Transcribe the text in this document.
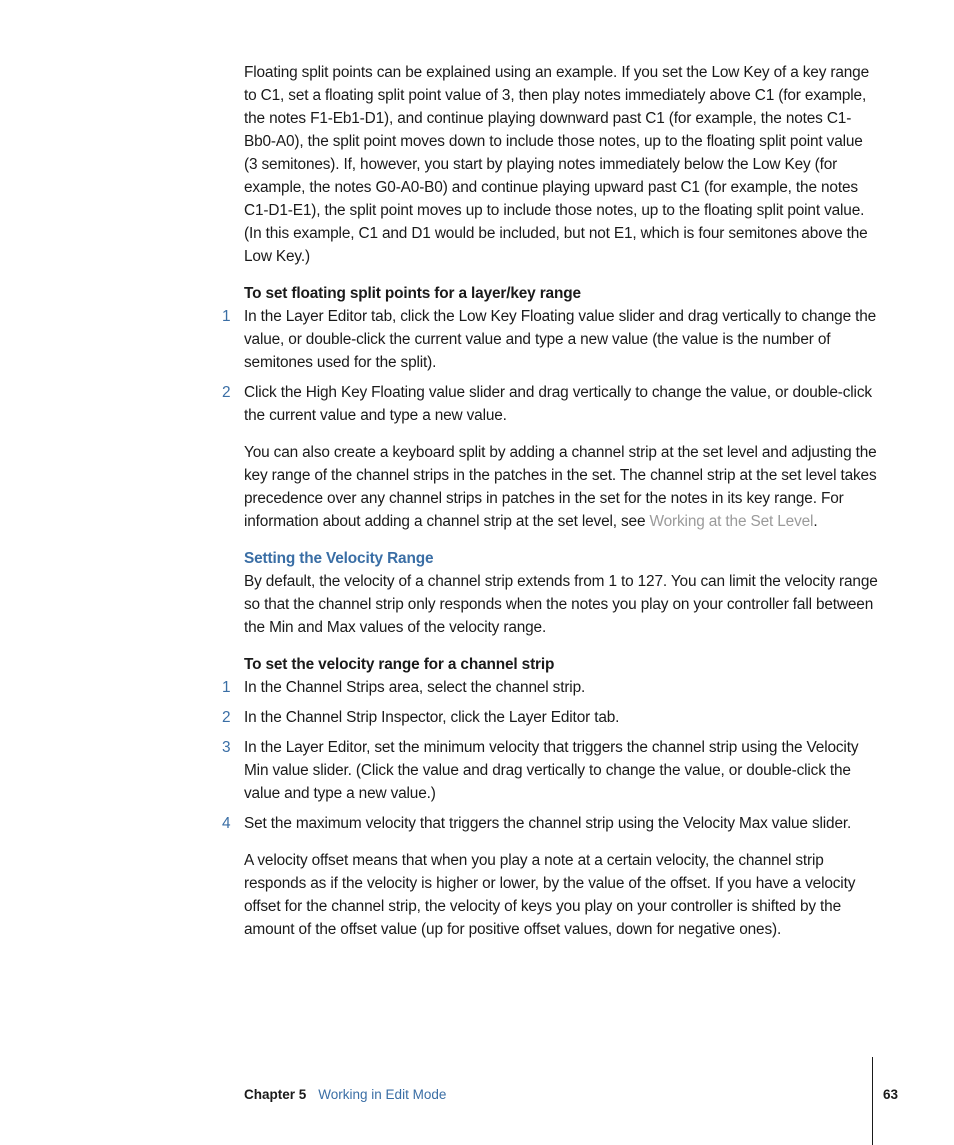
Floating split points can be explained using an example. If you set the Low Key of a key range to C1, set a floating split point value of 3, then play notes immediately above C1 (for example, the notes F1-Eb1-D1), and continue playing downward past C1 (for example, the notes C1-Bb0-A0), the split point moves down to include those notes, up to the floating split point value (3 semitones). If, however, you start by playing notes immediately below the Low Key (for example, the notes G0-A0-B0) and continue playing upward past C1 (for example, the notes C1-D1-E1), the split point moves up to include those notes, up to the floating split point value. (In this example, C1 and D1 would be included, but not E1, which is four semitones above the Low Key.)

To set floating split points for a layer/key range

1 In the Layer Editor tab, click the Low Key Floating value slider and drag vertically to change the value, or double-click the current value and type a new value (the value is the number of semitones used for the split).

2 Click the High Key Floating value slider and drag vertically to change the value, or double-click the current value and type a new value.

You can also create a keyboard split by adding a channel strip at the set level and adjusting the key range of the channel strips in the patches in the set. The channel strip at the set level takes precedence over any channel strips in patches in the set for the notes in its key range. For information about adding a channel strip at the set level, see Working at the Set Level.

Setting the Velocity Range

By default, the velocity of a channel strip extends from 1 to 127. You can limit the velocity range so that the channel strip only responds when the notes you play on your controller fall between the Min and Max values of the velocity range.

To set the velocity range for a channel strip

1 In the Channel Strips area, select the channel strip.

2 In the Channel Strip Inspector, click the Layer Editor tab.

3 In the Layer Editor, set the minimum velocity that triggers the channel strip using the Velocity Min value slider. (Click the value and drag vertically to change the value, or double-click the value and type a new value.)

4 Set the maximum velocity that triggers the channel strip using the Velocity Max value slider.

A velocity offset means that when you play a note at a certain velocity, the channel strip responds as if the velocity is higher or lower, by the value of the offset. If you have a velocity offset for the channel strip, the velocity of keys you play on your controller is shifted by the amount of the offset value (up for positive offset values, down for negative ones).

Chapter 5 Working in Edit Mode	63
